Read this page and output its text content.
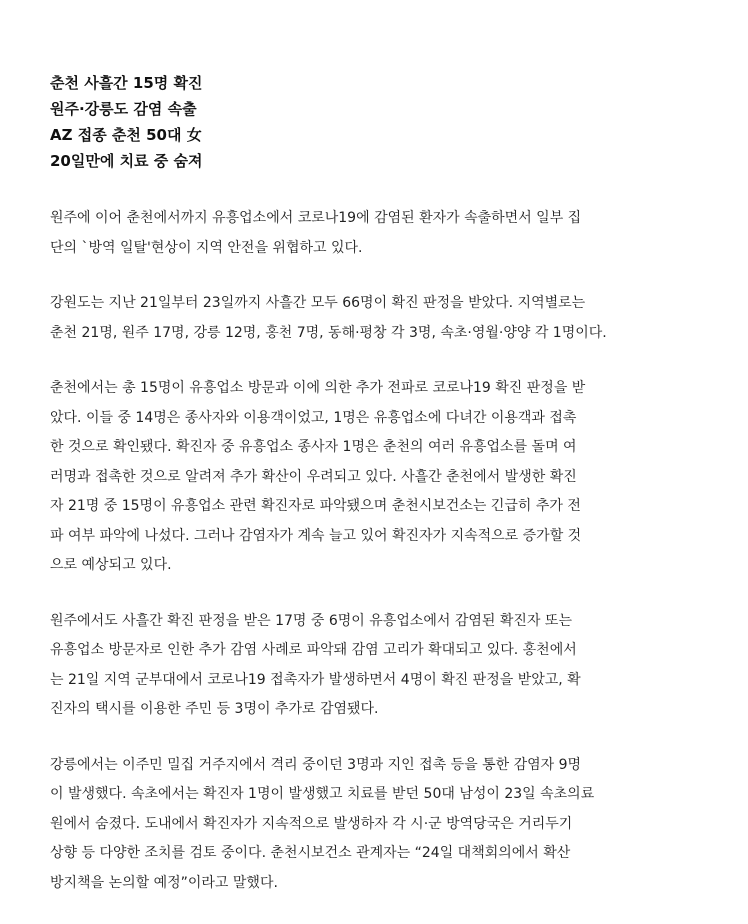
춘천 사흘간 15명 확진
원주·강릉도 감염 속출
AZ 접종 춘천 50대 女
20일만에 치료 중 숨져

원주에 이어 춘천에서까지 유흥업소에서 코로나19에 감염된 환자가 속출하면서 일부 집
단의 `방역 일탈'현상이 지역 안전을 위협하고 있다.

강원도는 지난 21일부터 23일까지 사흘간 모두 66명이 확진 판정을 받았다. 지역별로는
춘천 21명, 원주 17명, 강릉 12명, 홍천 7명, 동해·평창 각 3명, 속초·영월·양양 각 1명이다.

춘천에서는 총 15명이 유흥업소 방문과 이에 의한 추가 전파로 코로나19 확진 판정을 받
았다. 이들 중 14명은 종사자와 이용객이었고, 1명은 유흥업소에 다녀간 이용객과 접촉
한 것으로 확인됐다. 확진자 중 유흥업소 종사자 1명은 춘천의 여러 유흥업소를 돌며 여
러명과 접촉한 것으로 알려져 추가 확산이 우려되고 있다. 사흘간 춘천에서 발생한 확진
자 21명 중 15명이 유흥업소 관련 확진자로 파악됐으며 춘천시보건소는 긴급히 추가 전
파 여부 파악에 나섰다. 그러나 감염자가 계속 늘고 있어 확진자가 지속적으로 증가할 것
으로 예상되고 있다.

원주에서도 사흘간 확진 판정을 받은 17명 중 6명이 유흥업소에서 감염된 확진자 또는
유흥업소 방문자로 인한 추가 감염 사례로 파악돼 감염 고리가 확대되고 있다. 홍천에서
는 21일 지역 군부대에서 코로나19 접촉자가 발생하면서 4명이 확진 판정을 받았고, 확
진자의 택시를 이용한 주민 등 3명이 추가로 감염됐다.

강릉에서는 이주민 밀집 거주지에서 격리 중이던 3명과 지인 접촉 등을 통한 감염자 9명
이 발생했다. 속초에서는 확진자 1명이 발생했고 치료를 받던 50대 남성이 23일 속초의료
원에서 숨졌다. 도내에서 확진자가 지속적으로 발생하자 각 시·군 방역당국은 거리두기
상향 등 다양한 조치를 검토 중이다. 춘천시보건소 관계자는 “24일 대책회의에서 확산
방지책을 논의할 예정”이라고 말했다.
